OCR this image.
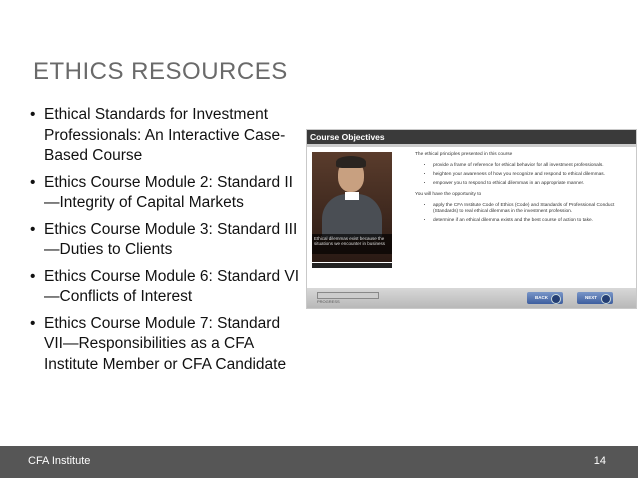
ETHICS RESOURCES
• Ethical Standards for Investment Professionals: An Interactive Case-Based Course
• Ethics Course Module 2: Standard II—Integrity of Capital Markets
• Ethics Course Module 3: Standard III—Duties to Clients
• Ethics Course Module 6: Standard VI—Conflicts of Interest
• Ethics Course Module 7: Standard VII—Responsibilities as a CFA Institute Member or CFA Candidate
Course Objectives
Ethical dilemmas exist because the situations we encounter in business

The ethical principles presented in this course

• provide a frame of reference for ethical behavior for all investment professionals.
• heighten your awareness of how you recognize and respond to ethical dilemmas.
• empower you to respond to ethical dilemmas in an appropriate manner.

You will have the opportunity to

• apply the CFA Institute Code of Ethics (Code) and Standards of Professional Conduct (Standards) to real ethical dilemmas in the investment profession.
• determine if an ethical dilemma exists and the best course of action to take.
PROGRESS
BACK	NEXT
CFA Institute	14
